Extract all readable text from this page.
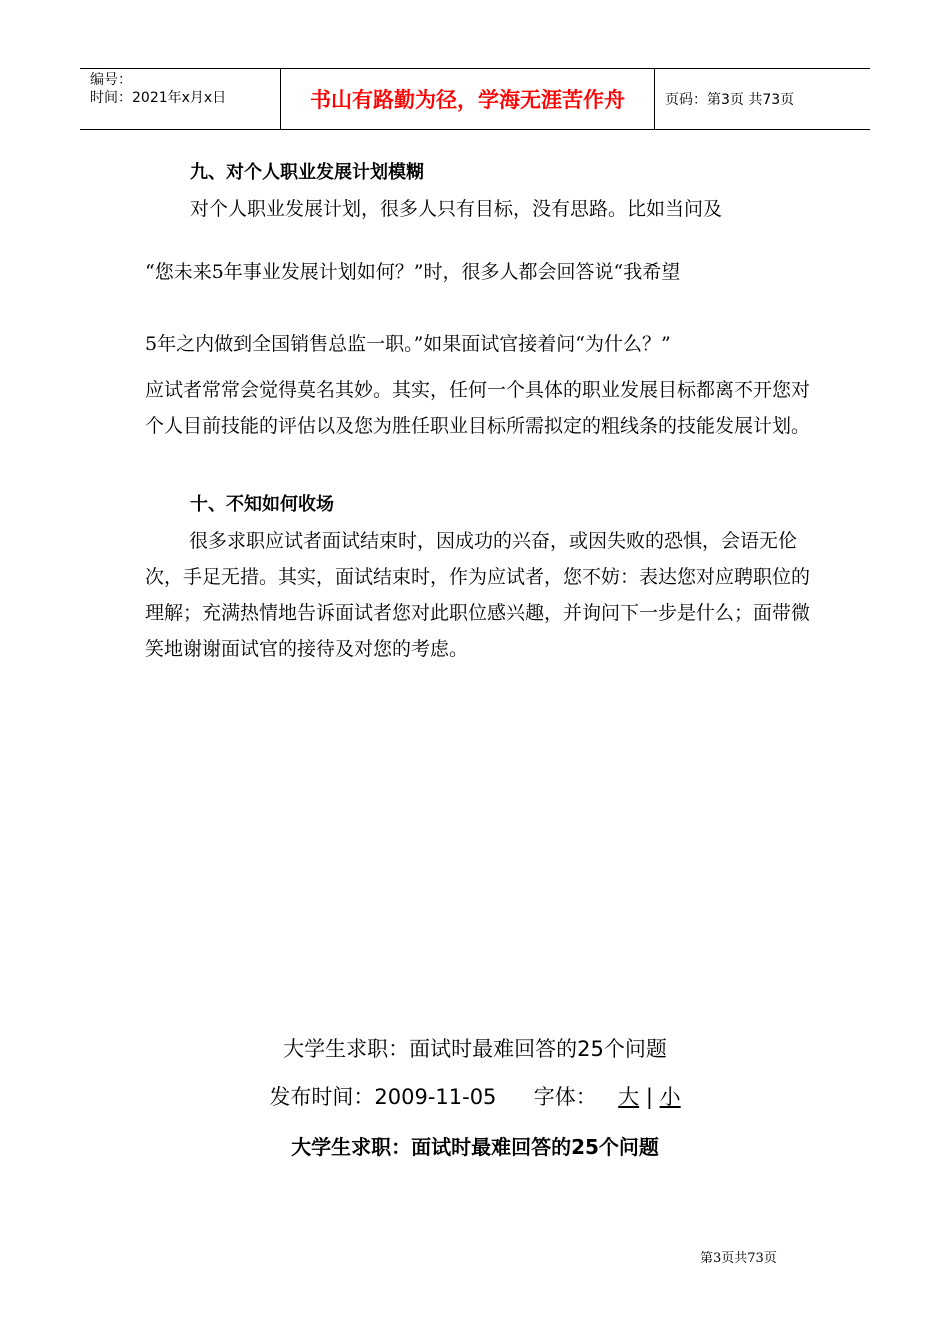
编号：
时间：2021年x月x日	书山有路勤为径，学海无涯苦作舟	页码：第3页 共73页
九、对个人职业发展计划模糊
对个人职业发展计划，很多人只有目标，没有思路。比如当问及
“您未来5年事业发展计划如何？”时，很多人都会回答说“我希望
5年之内做到全国销售总监一职。”如果面试官接着问“为什么？”
应试者常常会觉得莫名其妙。其实，任何一个具体的职业发展目标都离不开您对个人目前技能的评估以及您为胜任职业目标所需拟定的粗线条的技能发展计划。
十、不知如何收场
很多求职应试者面试结束时，因成功的兴奋，或因失败的恐惧，会语无伦次，手足无措。其实，面试结束时，作为应试者，您不妨：表达您对应聘职位的理解；充满热情地告诉面试者您对此职位感兴趣，并询问下一步是什么；面带微笑地谢谢面试官的接待及对您的考虑。
大学生求职：面试时最难回答的25个问题
发布时间：2009-11-05 字体： 大 | 小
大学生求职：面试时最难回答的25个问题
第3页共73页
